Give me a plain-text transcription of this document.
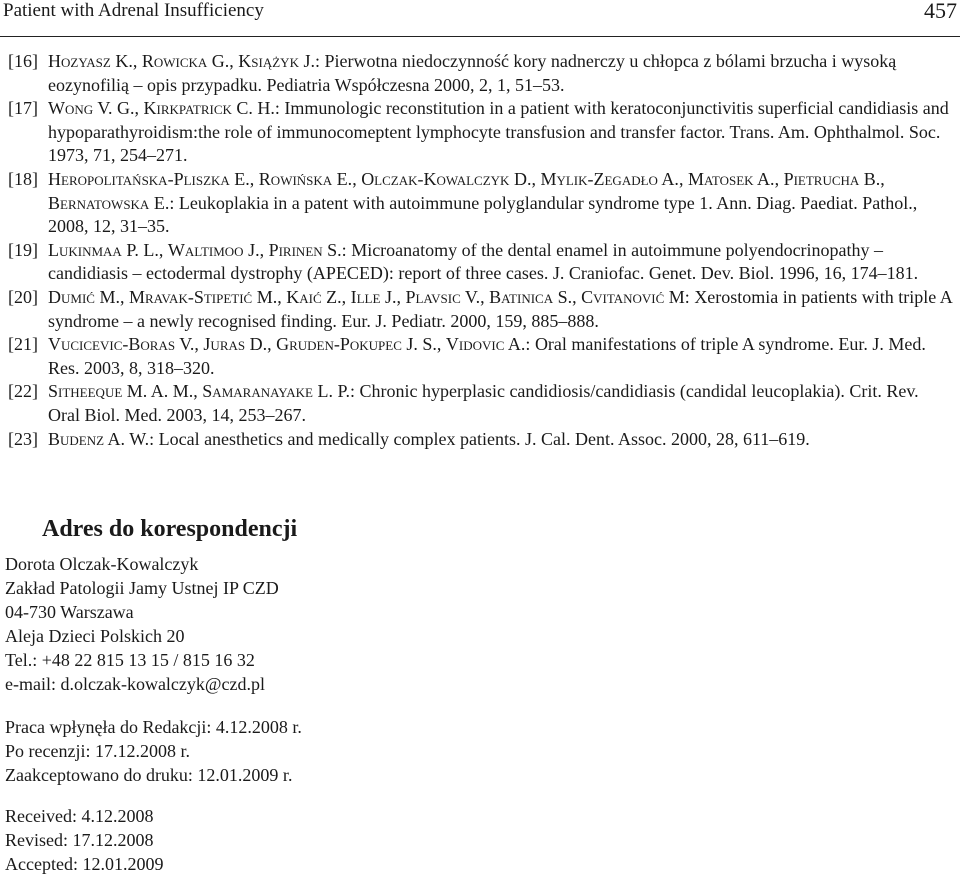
Patient with Adrenal Insufficiency	457
[16] Hozyasz K., Rowicka G., Książyk J.: Pierwotna niedoczynność kory nadnerczy u chłopca z bólami brzucha i wysoką eozynofilią – opis przypadku. Pediatria Współczesna 2000, 2, 1, 51–53.
[17] Wong V. G., Kirkpatrick C. H.: Immunologic reconstitution in a patient with keratoconjunctivitis superficial candidiasis and hypoparathyroidism:the role of immunocomeptent lymphocyte transfusion and transfer factor. Trans. Am. Ophthalmol. Soc. 1973, 71, 254–271.
[18] Heropolitańska-Pliszka E., Rowińska E., Olczak-Kowalczyk D., Mylik-Zegadło A., Matosek A., Pietrucha B., Bernatowska E.: Leukoplakia in a patent with autoimmune polyglandular syndrome type 1. Ann. Diag. Paediat. Pathol., 2008, 12, 31–35.
[19] Lukinmaa P. L., Waltimoo J., Pirinen S.: Microanatomy of the dental enamel in autoimmune polyendocrinopathy – candidiasis – ectodermal dystrophy (APECED): report of three cases. J. Craniofac. Genet. Dev. Biol. 1996, 16, 174–181.
[20] Dumić M., Mravak-Stipetić M., Kaić Z., Ille J., Plavsic V., Batinica S., Cvitanović M: Xerostomia in patients with triple A syndrome – a newly recognised finding. Eur. J. Pediatr. 2000, 159, 885–888.
[21] Vucicevic-Boras V., Juras D., Gruden-Pokupec J. S., Vidovic A.: Oral manifestations of triple A syndrome. Eur. J. Med. Res. 2003, 8, 318–320.
[22] Sitheeque M. A. M., Samaranayake L. P.: Chronic hyperplasic candidiosis/candidiasis (candidal leucoplakia). Crit. Rev. Oral Biol. Med. 2003, 14, 253–267.
[23] Budenz A. W.: Local anesthetics and medically complex patients. J. Cal. Dent. Assoc. 2000, 28, 611–619.
Adres do korespondencji
Dorota Olczak-Kowalczyk
Zakład Patologii Jamy Ustnej IP CZD
04-730 Warszawa
Aleja Dzieci Polskich 20
Tel.: +48 22 815 13 15 / 815 16 32
e-mail: d.olczak-kowalczyk@czd.pl
Praca wpłynęła do Redakcji: 4.12.2008 r.
Po recenzji: 17.12.2008 r.
Zaakceptowano do druku: 12.01.2009 r.
Received: 4.12.2008
Revised: 17.12.2008
Accepted: 12.01.2009
